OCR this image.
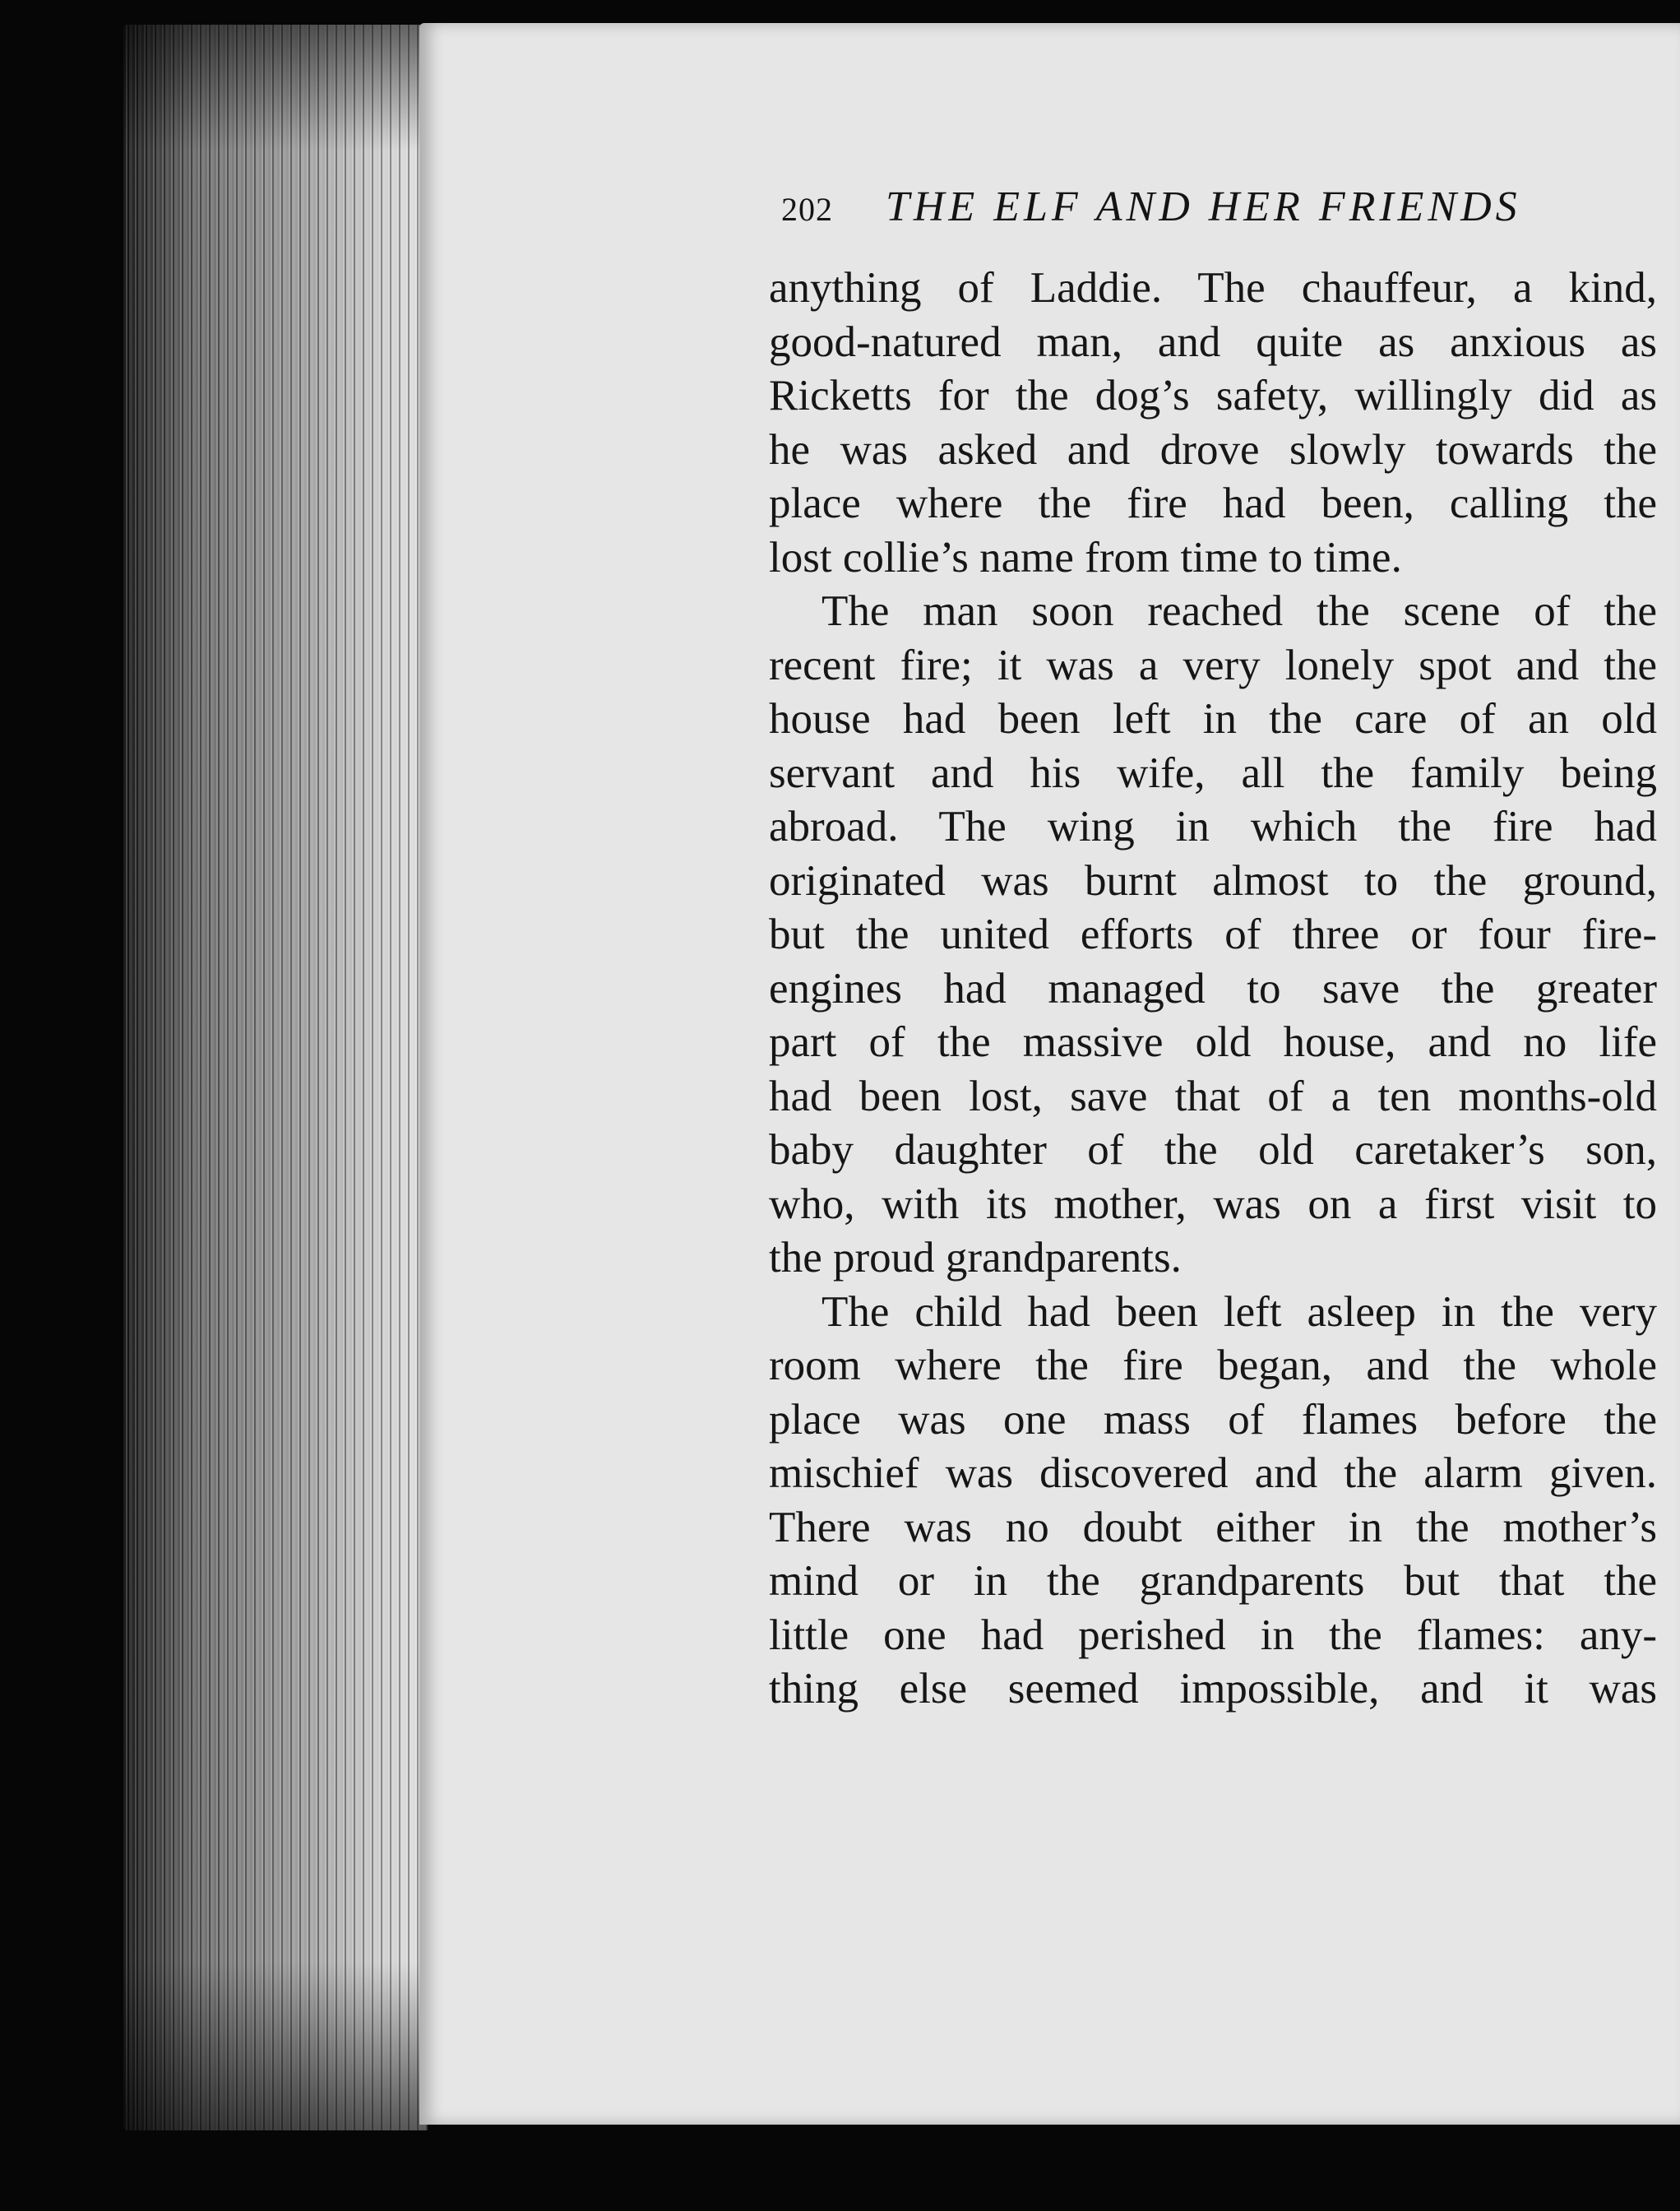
202 THE ELF AND HER FRIENDS
anything of Laddie. The chauffeur, a kind,
good-natured man, and quite as anxious as
Ricketts for the dog’s safety, willingly did as
he was asked and drove slowly towards the
place where the fire had been, calling the
lost collie’s name from time to time.
The man soon reached the scene of the
recent fire; it was a very lonely spot and the
house had been left in the care of an old
servant and his wife, all the family being
abroad. The wing in which the fire had
originated was burnt almost to the ground,
but the united efforts of three or four fire-
engines had managed to save the greater
part of the massive old house, and no life
had been lost, save that of a ten months-old
baby daughter of the old caretaker’s son,
who, with its mother, was on a first visit to
the proud grandparents.
The child had been left asleep in the very
room where the fire began, and the whole
place was one mass of flames before the
mischief was discovered and the alarm given.
There was no doubt either in the mother’s
mind or in the grandparents but that the
little one had perished in the flames: any-
thing else seemed impossible, and it was
